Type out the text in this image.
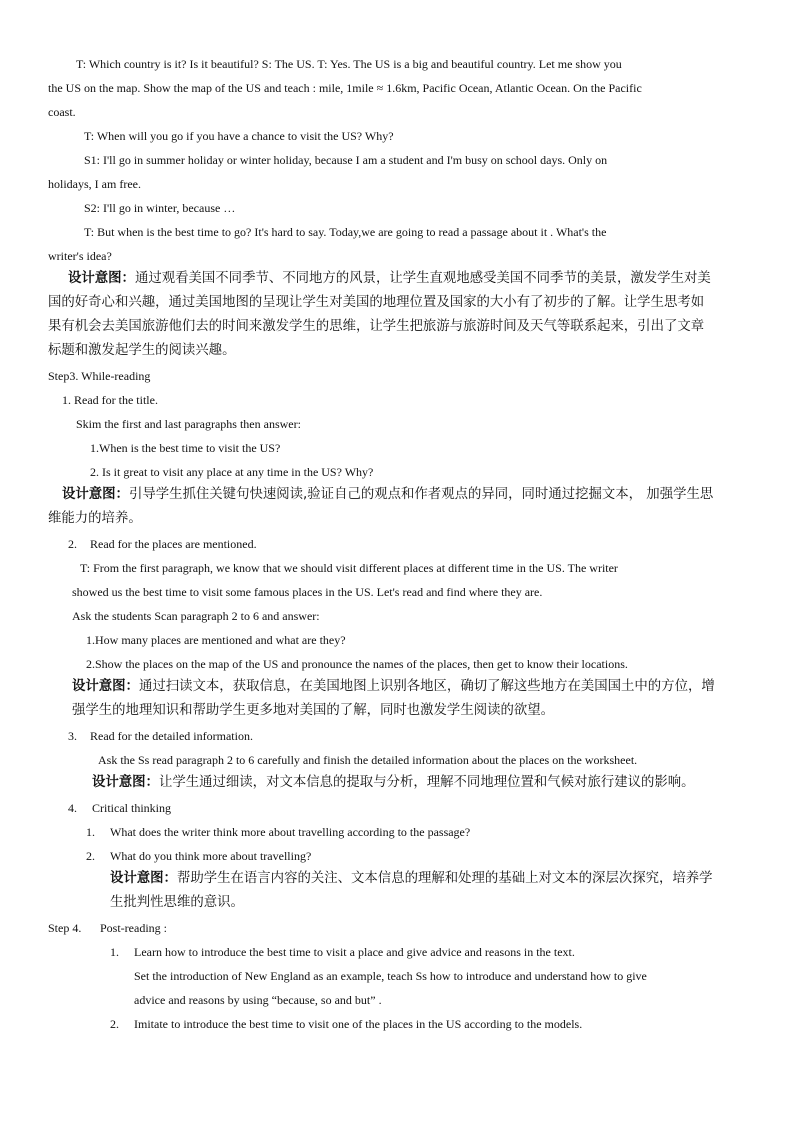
T: Which country is it? Is it beautiful? S: The US. T: Yes. The US is a big and beautiful country. Let me show you
the US on the map. Show the map of the US and teach : mile, 1mile ≈ 1.6km, Pacific Ocean, Atlantic Ocean. On the Pacific
coast.
T: When will you go if you have a chance to visit the US? Why?
S1: I'll go in summer holiday or winter holiday, because I am a student and I'm busy on school days. Only on
holidays, I am free.
S2: I'll go in winter, because …
T: But when is the best time to go? It's hard to say. Today,we are going to read a passage about it . What's the
writer's idea?
设计意图：通过观看美国不同季节、不同地方的风景，让学生直观地感受美国不同季节的美景，激发学生对美
国的好奇心和兴趣，通过美国地图的呈现让学生对美国的地理位置及国家的大小有了初步的了解。让学生思考如
果有机会去美国旅游他们去的时间来激发学生的思维，让学生把旅游与旅游时间及天气等联系起来，引出了文章
标题和激发起学生的阅读兴趣。
Step3. While-reading
1. Read for the title.
Skim the first and last paragraphs then answer:
1.When is the best time to visit the US?
2. Is it great to visit any place at any time in the US? Why?
设计意图：引导学生抓住关键句快速阅读,验证自己的观点和作者观点的异同，同时通过挖掘文本， 加强学生思
维能力的培养。
2. Read for the places are mentioned.
T: From the first paragraph, we know that we should visit different places at different time in the US. The writer
showed us the best time to visit some famous places in the US. Let's read and find where they are.
Ask the students Scan paragraph 2 to 6 and answer:
1.How many places are mentioned and what are they?
2.Show the places on the map of the US and pronounce the names of the places, then get to know their locations.
设计意图：通过扫读文本，获取信息，在美国地图上识别各地区，确切了解这些地方在美国国土中的方位，增
强学生的地理知识和帮助学生更多地对美国的了解，同时也激发学生阅读的欲望。
3. Read for the detailed information.
Ask the Ss read paragraph 2 to 6 carefully and finish the detailed information about the places on the worksheet.
设计意图：让学生通过细读，对文本信息的提取与分析，理解不同地理位置和气候对旅行建议的影响。
4. Critical thinking
1. What does the writer think more about travelling according to the passage?
2. What do you think more about travelling?
设计意图：帮助学生在语言内容的关注、文本信息的理解和处理的基础上对文本的深层次探究，培养学
生批判性思维的意识。
Step 4. Post-reading :
1. Learn how to introduce the best time to visit a place and give advice and reasons in the text.
Set the introduction of New England as an example, teach Ss how to introduce and understand how to give
advice and reasons by using “because, so and but” .
2. Imitate to introduce the best time to visit one of the places in the US according to the models.
